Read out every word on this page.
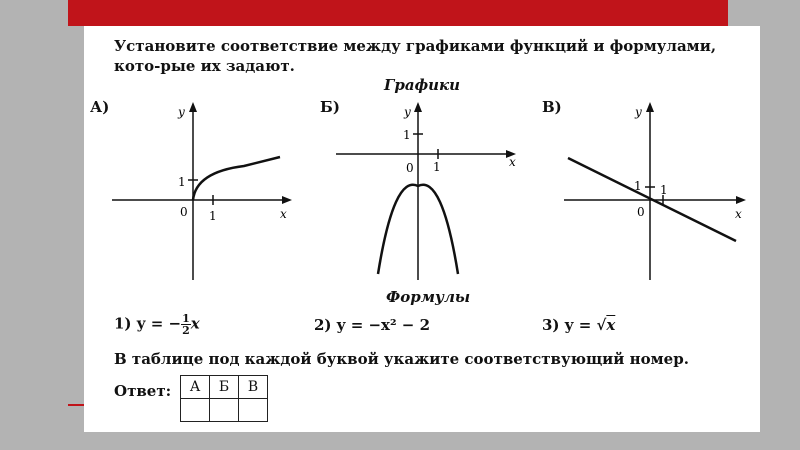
Установите соответствие между графиками функций и формулами, кото-рые их задают.

Графики
А)	y
x
1
1
0
Б)	y
x
1
1
0
В)	y
x
1
1
0
Формулы
1) y = − $\frac{1}{2}$ x	2) y = −x² − 2	3) y = √x
В таблице под каждой буквой укажите соответствующий номер.
Ответ: А	Б	В
